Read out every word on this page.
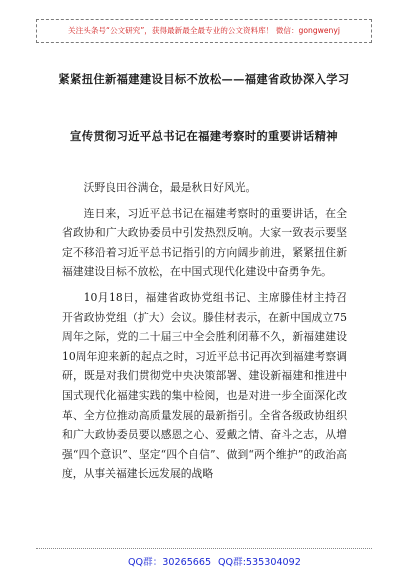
关注头条号“公文研究”，获得最新最全最专业的公文资料库！ 微信：gongwenyj
紧紧扭住新福建建设目标不放松——福建省政协深入学习
宣传贯彻习近平总书记在福建考察时的重要讲话精神

沃野良田谷满仓，最是秋日好风光。

连日来，习近平总书记在福建考察时的重要讲话，在全省政协和广大政协委员中引发热烈反响。大家一致表示要坚定不移沿着习近平总书记指引的方向阔步前进，紧紧扭住新福建建设目标不放松，在中国式现代化建设中奋勇争先。

10月18日，福建省政协党组书记、主席滕佳材主持召开省政协党组（扩大）会议。滕佳材表示，在新中国成立75周年之际，党的二十届三中全会胜利闭幕不久，新福建建设10周年迎来新的起点之时，习近平总书记再次到福建考察调研，既是对我们贯彻党中央决策部署、建设新福建和推进中国式现代化福建实践的集中检阅，也是对进一步全面深化改革、全方位推动高质量发展的最新指引。全省各级政协组织和广大政协委员要以感恩之心、爱戴之情、奋斗之志，从增强“四个意识”、坚定“四个自信”、做到“两个维护”的政治高度，从事关福建长远发展的战略

QQ群：30265665 QQ群:535304092
